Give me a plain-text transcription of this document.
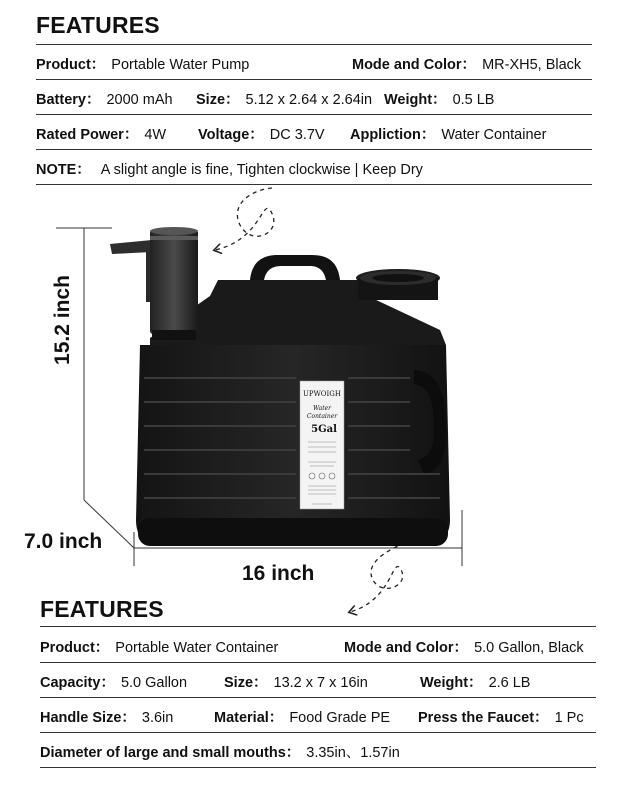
FEATURES
Product： Portable Water Pump	Mode and Color： MR-XH5, Black
Battery： 2000 mAh Size： 5.12 x 2.64 x 2.64in Weight： 0.5 LB
Rated Power： 4W Voltage： DC 3.7V Appliction： Water Container
NOTE： A slight angle is fine, Tighten clockwise | Keep Dry
UPWOIGH
Water
Container
5Gal
15.2 inch
7.0 inch
16 inch
FEATURES
Product： Portable Water Container	Mode and Color： 5.0 Gallon, Black
Capacity： 5.0 Gallon	Size： 13.2 x 7 x 16in	Weight： 2.6 LB
Handle Size： 3.6in	Material： Food Grade PE Press the Faucet： 1 Pc
Diameter of large and small mouths： 3.35in、1.57in
